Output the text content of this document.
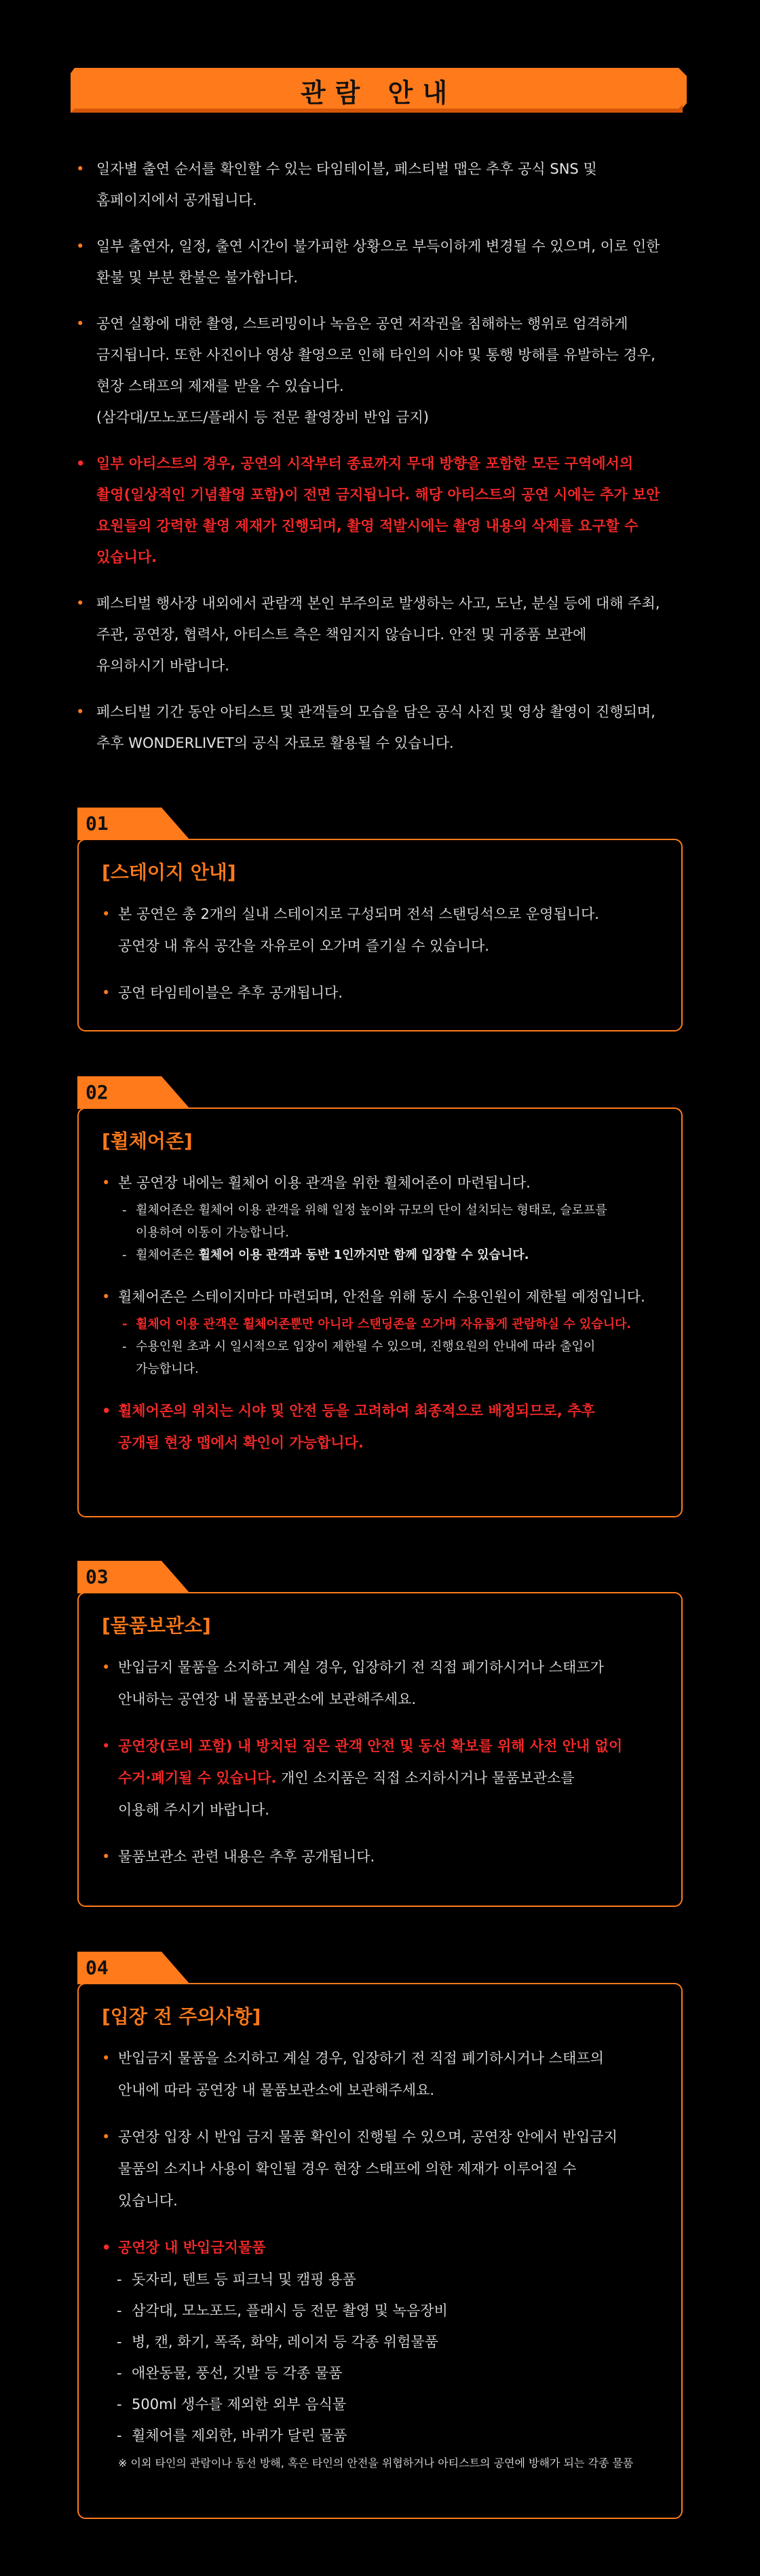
관람 안내
• 일자별 출연 순서를 확인할 수 있는 타임테이블, 페스티벌 맵은 추후 공식 SNS 및
홈페이지에서 공개됩니다.
• 일부 출연자, 일정, 출연 시간이 불가피한 상황으로 부득이하게 변경될 수 있으며, 이로 인한
환불 및 부분 환불은 불가합니다.
• 공연 실황에 대한 촬영, 스트리밍이나 녹음은 공연 저작권을 침해하는 행위로 엄격하게
금지됩니다. 또한 사진이나 영상 촬영으로 인해 타인의 시야 및 통행 방해를 유발하는 경우,
현장 스태프의 제재를 받을 수 있습니다.
(삼각대/모노포드/플래시 등 전문 촬영장비 반입 금지)
• 일부 아티스트의 경우, 공연의 시작부터 종료까지 무대 방향을 포함한 모든 구역에서의
촬영(일상적인 기념촬영 포함)이 전면 금지됩니다. 해당 아티스트의 공연 시에는 추가 보안
요원들의 강력한 촬영 제재가 진행되며, 촬영 적발시에는 촬영 내용의 삭제를 요구할 수
있습니다.
• 페스티벌 행사장 내외에서 관람객 본인 부주의로 발생하는 사고, 도난, 분실 등에 대해 주최,
주관, 공연장, 협력사, 아티스트 측은 책임지지 않습니다. 안전 및 귀중품 보관에
유의하시기 바랍니다.
• 페스티벌 기간 동안 아티스트 및 관객들의 모습을 담은 공식 사진 및 영상 촬영이 진행되며,
추후 WONDERLIVET의 공식 자료로 활용될 수 있습니다.
01
[스테이지 안내]
• 본 공연은 총 2개의 실내 스테이지로 구성되며 전석 스탠딩석으로 운영됩니다.
공연장 내 휴식 공간을 자유로이 오가며 즐기실 수 있습니다.
• 공연 타임테이블은 추후 공개됩니다.
02
[휠체어존]
• 본 공연장 내에는 휠체어 이용 관객을 위한 휠체어존이 마련됩니다.
- 휠체어존은 휠체어 이용 관객을 위해 일정 높이와 규모의 단이 설치되는 형태로, 슬로프를
이용하여 이동이 가능합니다.
- 휠체어존은 휠체어 이용 관객과 동반 1인까지만 함께 입장할 수 있습니다.
• 휠체어존은 스테이지마다 마련되며, 안전을 위해 동시 수용인원이 제한될 예정입니다.
- 휠체어 이용 관객은 휠체어존뿐만 아니라 스탠딩존을 오가며 자유롭게 관람하실 수 있습니다.
- 수용인원 초과 시 일시적으로 입장이 제한될 수 있으며, 진행요원의 안내에 따라 출입이
가능합니다.
• 휠체어존의 위치는 시야 및 안전 등을 고려하여 최종적으로 배정되므로, 추후
공개될 현장 맵에서 확인이 가능합니다.
03
[물품보관소]
• 반입금지 물품을 소지하고 계실 경우, 입장하기 전 직접 폐기하시거나 스태프가
안내하는 공연장 내 물품보관소에 보관해주세요.
• 공연장(로비 포함) 내 방치된 짐은 관객 안전 및 동선 확보를 위해 사전 안내 없이
수거·폐기될 수 있습니다. 개인 소지품은 직접 소지하시거나 물품보관소를
이용해 주시기 바랍니다.
• 물품보관소 관련 내용은 추후 공개됩니다.
04
[입장 전 주의사항]
• 반입금지 물품을 소지하고 계실 경우, 입장하기 전 직접 폐기하시거나 스태프의
안내에 따라 공연장 내 물품보관소에 보관해주세요.
• 공연장 입장 시 반입 금지 물품 확인이 진행될 수 있으며, 공연장 안에서 반입금지
물품의 소지나 사용이 확인될 경우 현장 스태프에 의한 제재가 이루어질 수
있습니다.
• 공연장 내 반입금지물품
- 돗자리, 텐트 등 피크닉 및 캠핑 용품
- 삼각대, 모노포드, 플래시 등 전문 촬영 및 녹음장비
- 병, 캔, 화기, 폭죽, 화약, 레이저 등 각종 위험물품
- 애완동물, 풍선, 깃발 등 각종 물품
- 500ml 생수를 제외한 외부 음식물
- 휠체어를 제외한, 바퀴가 달린 물품
※ 이외 타인의 관람이나 동선 방해, 혹은 타인의 안전을 위협하거나 아티스트의 공연에 방해가 되는 각종 물품
